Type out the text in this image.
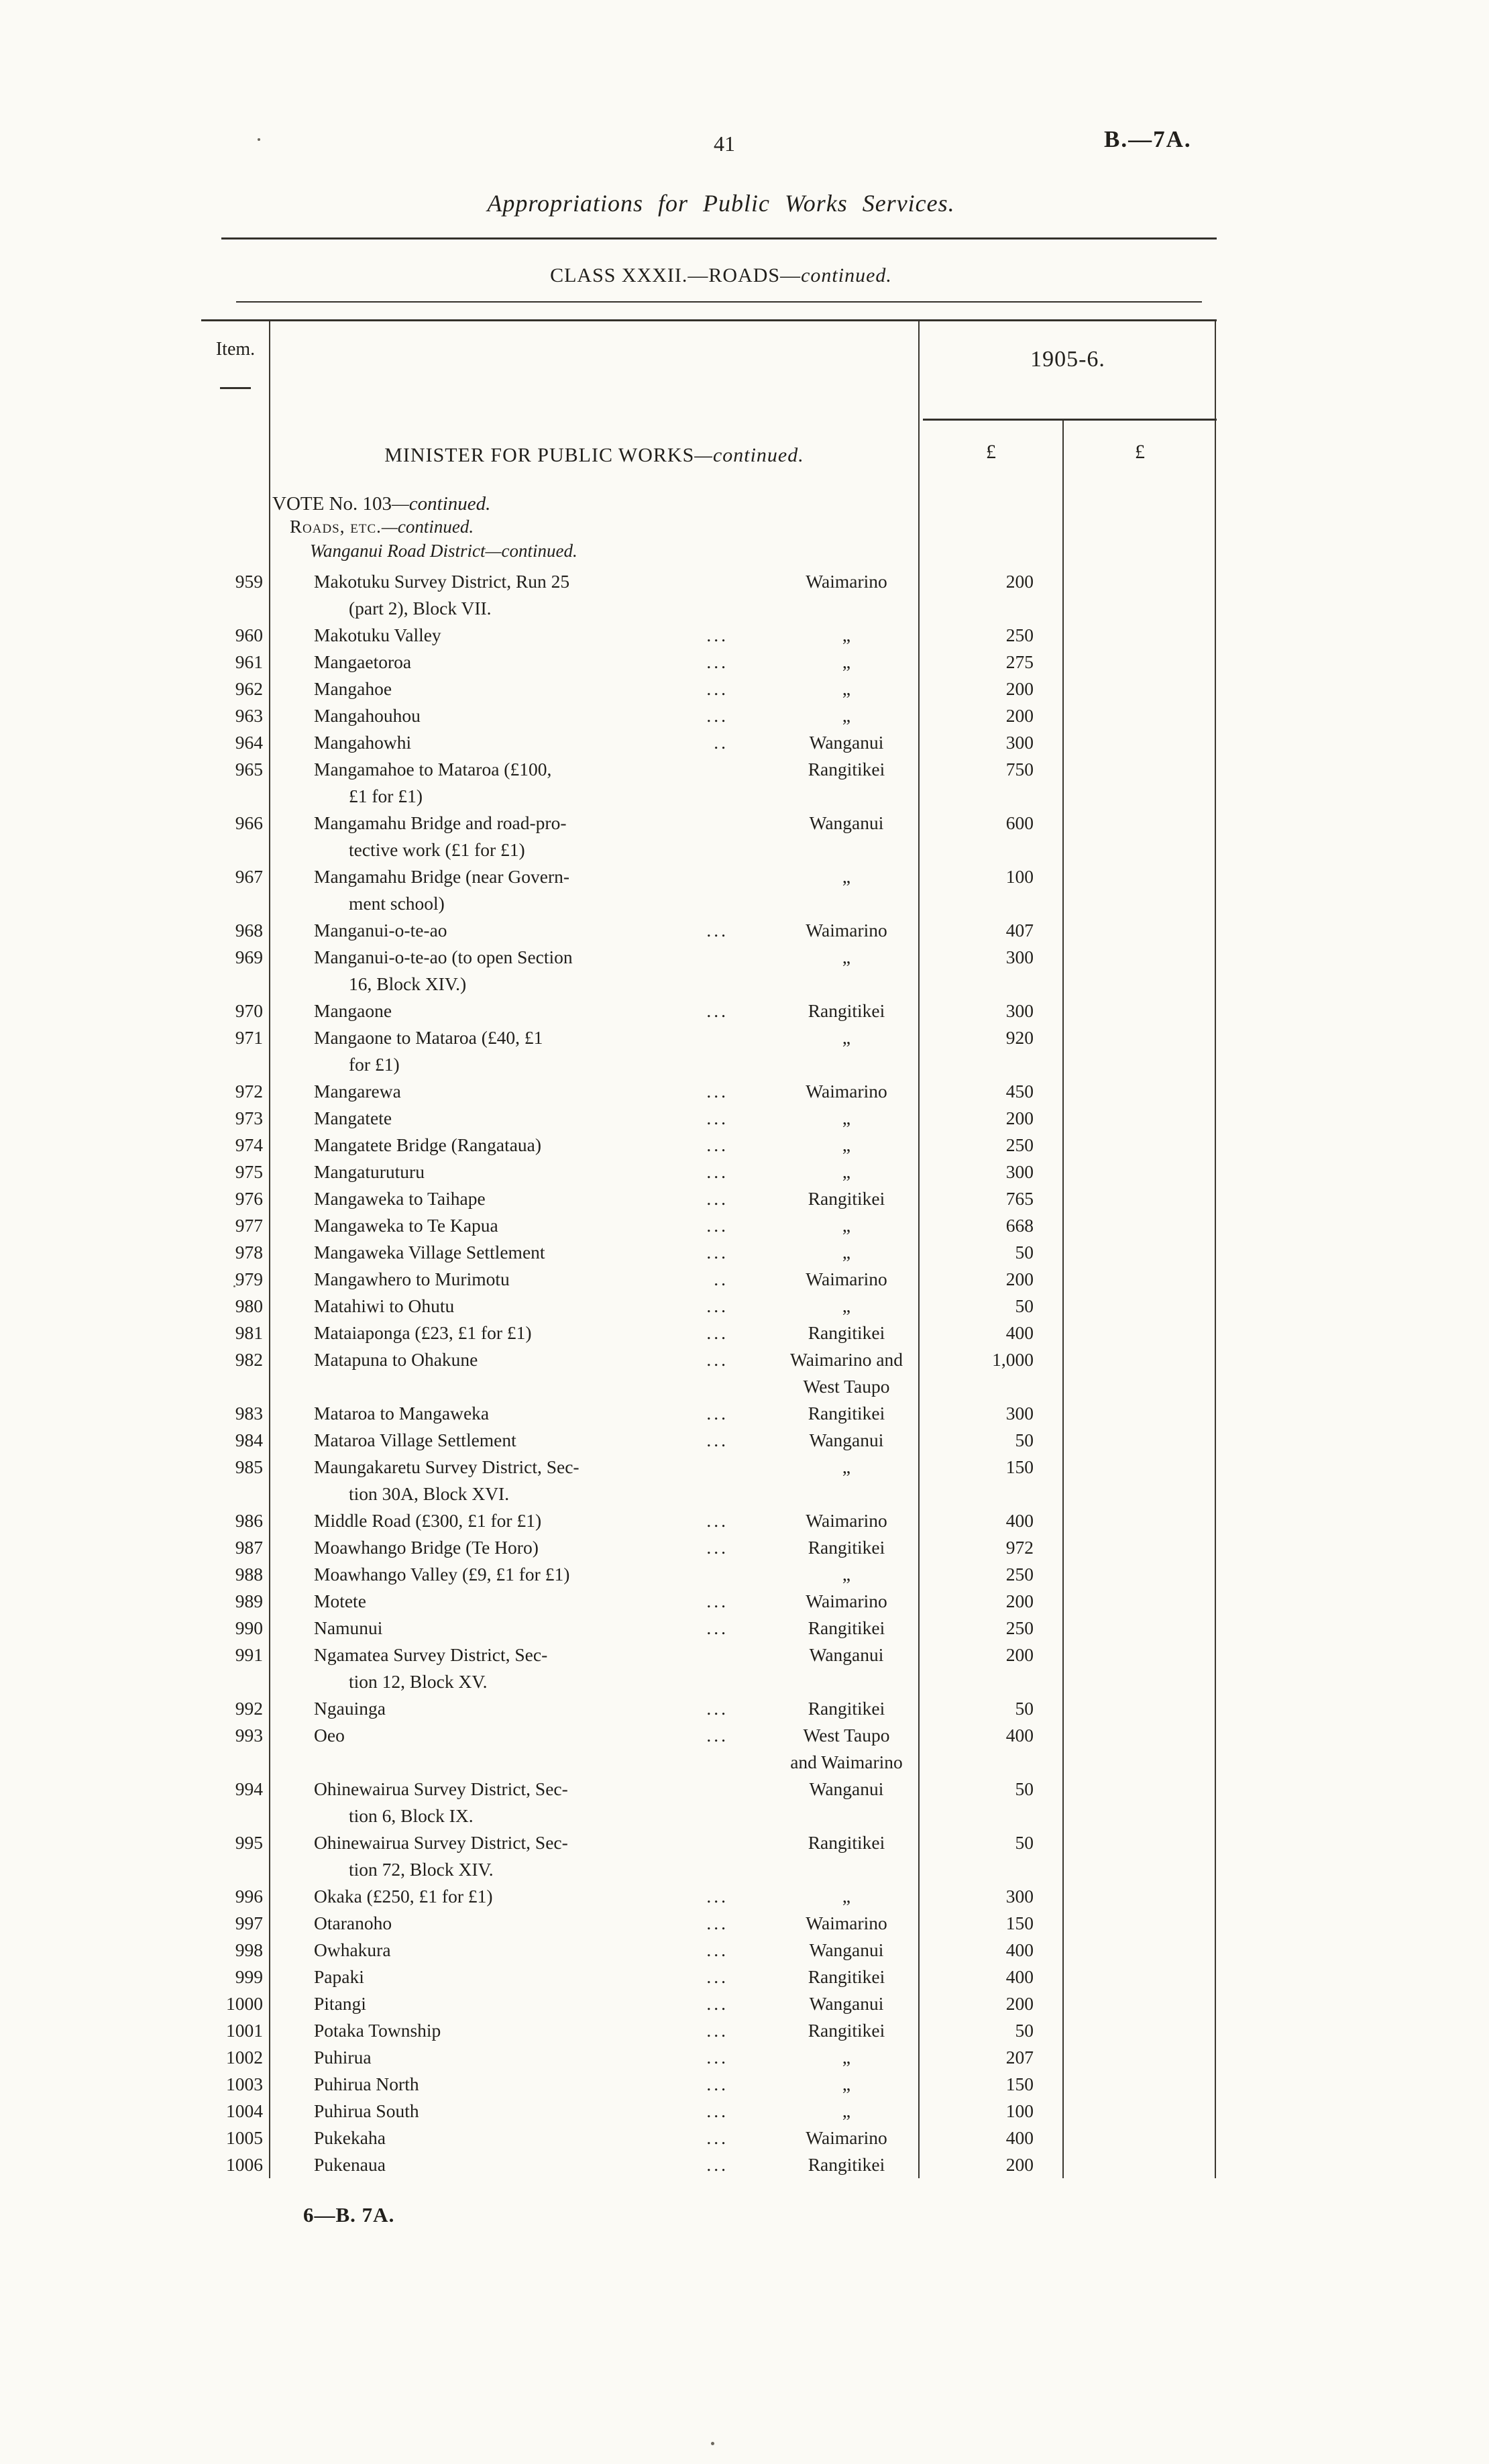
41	B.—7A.
Appropriations for Public Works Services.
CLASS XXXII.—ROADS—continued.
Item.
MINISTER FOR PUBLIC WORKS—continued.
VOTE No. 103—continued.
Roads, etc.—continued.
Wanganui Road District—continued.
1905-6.
£	£
959	Makotuku Survey District, Run 25
(part 2), Block VII.
Waimarino	200
960	Makotuku Valley	...	„	250
961	Mangaetoroa	...	„	275
962	Mangahoe	...	„	200
963	Mangahouhou	...	„	200
964	Mangahowhi	..	Wanganui	300
965	Mangamahoe to Mataroa (£100,
£1 for £1)
Rangitikei	750
966	Mangamahu Bridge and road-pro-
tective work (£1 for £1)
Wanganui	600
967	Mangamahu Bridge (near Govern-
ment school)
„	100
968	Manganui-o-te-ao	...	Waimarino	407
969	Manganui-o-te-ao (to open Section
16, Block XIV.)
„	300
970	Mangaone	...	Rangitikei	300
971	Mangaone to Mataroa (£40, £1
for £1)
„	920
972	Mangarewa	...	Waimarino	450
973	Mangatete	...	„	200
974	Mangatete Bridge (Rangataua)	...	„	250
975	Mangaturuturu	...	„	300
976	Mangaweka to Taihape	...	Rangitikei	765
977	Mangaweka to Te Kapua	...	„	668
978	Mangaweka Village Settlement	...	„	50
979	Mangawhero to Murimotu	..	Waimarino	200
980	Matahiwi to Ohutu	...	„	50
981	Mataiaponga (£23, £1 for £1)	...	Rangitikei	400
982	Matapuna to Ohakune	...	Waimarino and
West Taupo
1,000
983	Mataroa to Mangaweka	...	Rangitikei	300
984	Mataroa Village Settlement	...	Wanganui	50
985	Maungakaretu Survey District, Sec-
tion 30A, Block XVI.
„	150
986	Middle Road (£300, £1 for £1)	...	Waimarino	400
987	Moawhango Bridge (Te Horo)	...	Rangitikei	972
988	Moawhango Valley (£9, £1 for £1)	„	250
989	Motete	...	Waimarino	200
990	Namunui	...	Rangitikei	250
991	Ngamatea Survey District, Sec-
tion 12, Block XV.
Wanganui	200
992	Ngauinga	...	Rangitikei	50
993	Oeo	...	West Taupo
and Waimarino
400
994	Ohinewairua Survey District, Sec-
tion 6, Block IX.
Wanganui	50
995	Ohinewairua Survey District, Sec-
tion 72, Block XIV.
Rangitikei	50
996	Okaka (£250, £1 for £1)	...	„	300
997	Otaranoho	...	Waimarino	150
998	Owhakura	...	Wanganui	400
999	Papaki	...	Rangitikei	400
1000	Pitangi	...	Wanganui	200
1001	Potaka Township	...	Rangitikei	50
1002	Puhirua	...	„	207
1003	Puhirua North	...	„	150
1004	Puhirua South	...	„	100
1005	Pukekaha	...	Waimarino	400
1006	Pukenaua	...	Rangitikei	200
6—B. 7A.
